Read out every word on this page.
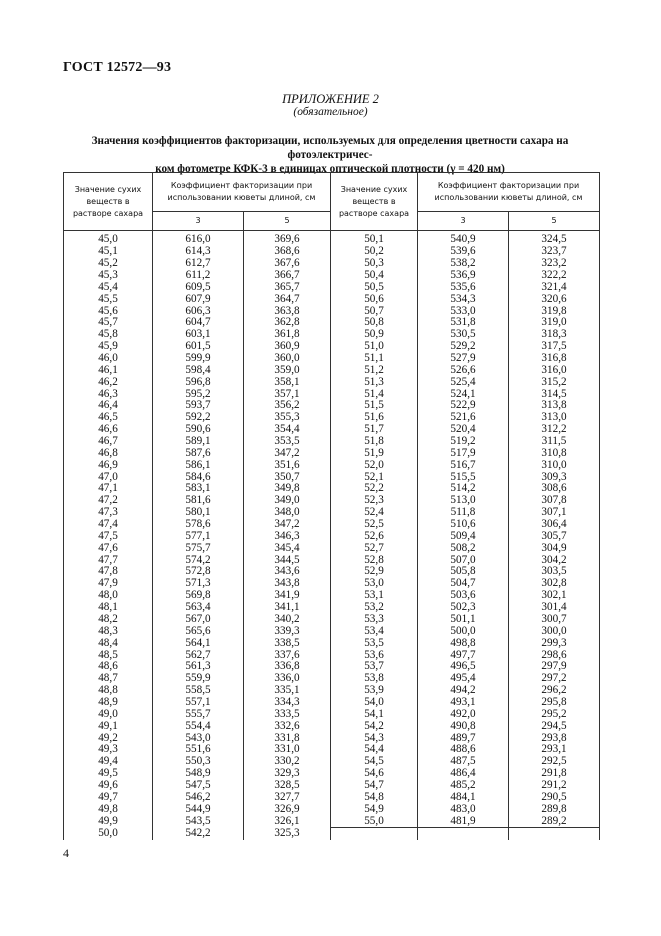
ГОСТ 12572—93
ПРИЛОЖЕНИЕ 2
(обязательное)
Значения коэффициентов факторизации, используемых для определения цветности сахара на фотоэлектричес-
ком фотометре КФК-3 в единицах оптической плотности (γ = 420 нм)
Значение сухих веществ в растворе сахара	Коэффициент факторизации при использовании кюветы длиной, см		Значение сухих веществ в растворе сахара	Коэффициент факторизации при использовании кюветы длиной, см	
	3	5		3	5
45,0	616,0	369,6	50,1	540,9	324,5
45,1	614,3	368,6	50,2	539,6	323,7
45,2	612,7	367,6	50,3	538,2	323,2
45,3	611,2	366,7	50,4	536,9	322,2
45,4	609,5	365,7	50,5	535,6	321,4
45,5	607,9	364,7	50,6	534,3	320,6
45,6	606,3	363,8	50,7	533,0	319,8
45,7	604,7	362,8	50,8	531,8	319,0
45,8	603,1	361,8	50,9	530,5	318,3
45,9	601,5	360,9	51,0	529,2	317,5
46,0	599,9	360,0	51,1	527,9	316,8
46,1	598,4	359,0	51,2	526,6	316,0
46,2	596,8	358,1	51,3	525,4	315,2
46,3	595,2	357,1	51,4	524,1	314,5
46,4	593,7	356,2	51,5	522,9	313,8
46,5	592,2	355,3	51,6	521,6	313,0
46,6	590,6	354,4	51,7	520,4	312,2
46,7	589,1	353,5	51,8	519,2	311,5
46,8	587,6	347,2	51,9	517,9	310,8
46,9	586,1	351,6	52,0	516,7	310,0
47,0	584,6	350,7	52,1	515,5	309,3
47,1	583,1	349,8	52,2	514,2	308,6
47,2	581,6	349,0	52,3	513,0	307,8
47,3	580,1	348,0	52,4	511,8	307,1
47,4	578,6	347,2	52,5	510,6	306,4
47,5	577,1	346,3	52,6	509,4	305,7
47,6	575,7	345,4	52,7	508,2	304,9
47,7	574,2	344,5	52,8	507,0	304,2
47,8	572,8	343,6	52,9	505,8	303,5
47,9	571,3	343,8	53,0	504,7	302,8
48,0	569,8	341,9	53,1	503,6	302,1
48,1	563,4	341,1	53,2	502,3	301,4
48,2	567,0	340,2	53,3	501,1	300,7
48,3	565,6	339,3	53,4	500,0	300,0
48,4	564,1	338,5	53,5	498,8	299,3
48,5	562,7	337,6	53,6	497,7	298,6
48,6	561,3	336,8	53,7	496,5	297,9
48,7	559,9	336,0	53,8	495,4	297,2
48,8	558,5	335,1	53,9	494,2	296,2
48,9	557,1	334,3	54,0	493,1	295,8
49,0	555,7	333,5	54,1	492,0	295,2
49,1	554,4	332,6	54,2	490,8	294,5
49,2	543,0	331,8	54,3	489,7	293,8
49,3	551,6	331,0	54,4	488,6	293,1
49,4	550,3	330,2	54,5	487,5	292,5
49,5	548,9	329,3	54,6	486,4	291,8
49,6	547,5	328,5	54,7	485,2	291,2
49,7	546,2	327,7	54,8	484,1	290,5
49,8	544,9	326,9	54,9	483,0	289,8
49,9	543,5	326,1	55,0	481,9	289,2
50,0	542,2	325,3			
4
